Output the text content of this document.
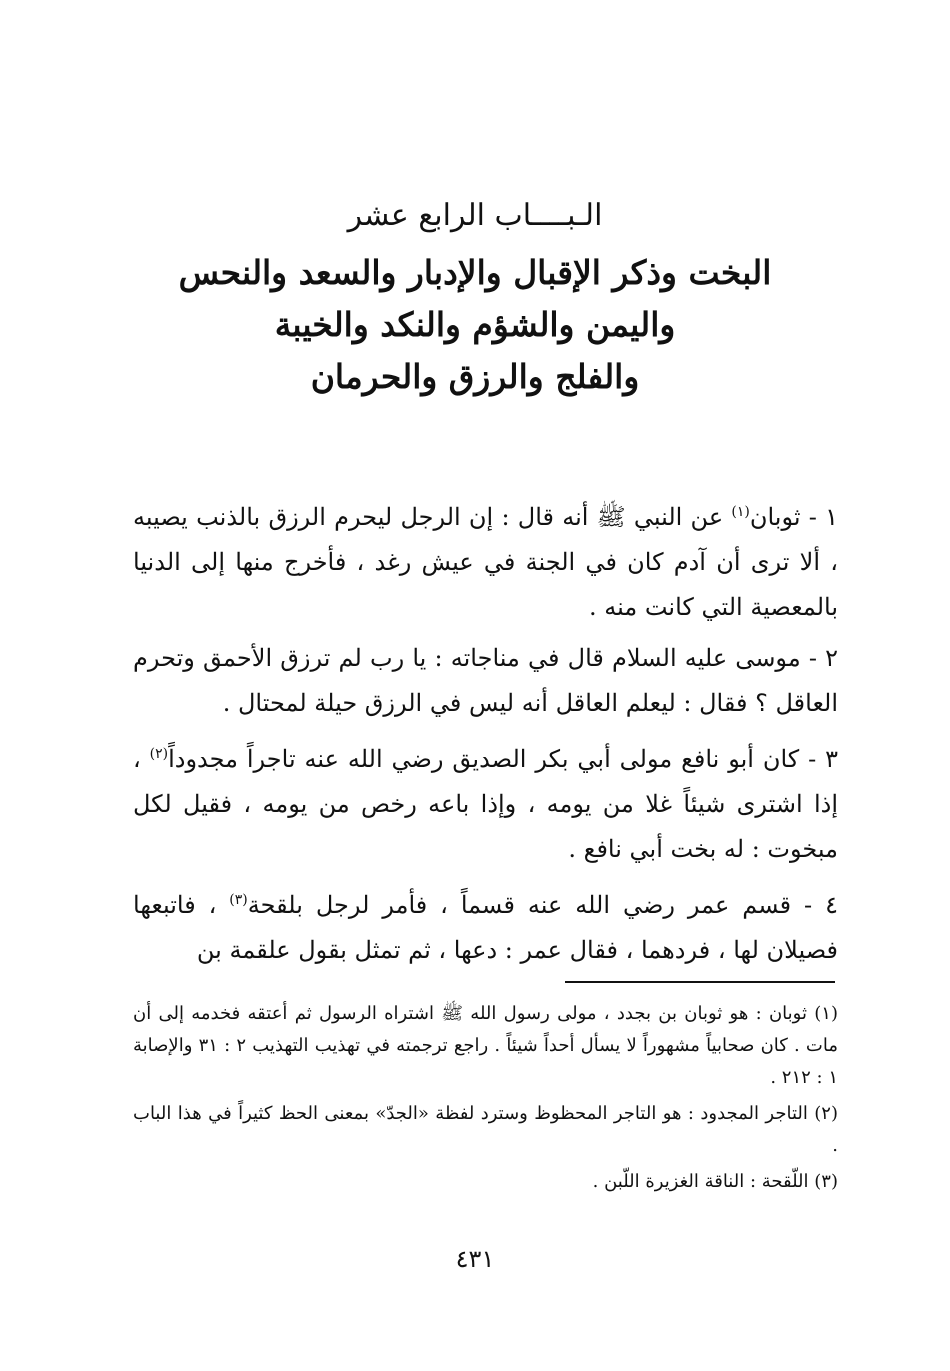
الـبــــاب الرابع عشر
البخت وذكر الإقبال والإدبار والسعد والنحس
واليمن والشؤم والنكد والخيبة
والفلج والرزق والحرمان

١ - ثوبان$^{(١)}$ عن النبي ﷺ أنه قال : إن الرجل ليحرم الرزق بالذنب يصيبه ، ألا ترى أن آدم كان في الجنة في عيش رغد ، فأخرج منها إلى الدنيا بالمعصية التي كانت منه .

٢ - موسى عليه السلام قال في مناجاته : يا رب لم ترزق الأحمق وتحرم العاقل ؟ فقال : ليعلم العاقل أنه ليس في الرزق حيلة لمحتال .

٣ - كان أبو نافع مولى أبي بكر الصديق رضي الله عنه تاجراً مجدوداً$^{(٢)}$ ، إذا اشترى شيئاً غلا من يومه ، وإذا باعه رخص من يومه ، فقيل لكل مبخوت : له بخت أبي نافع .

٤ - قسم عمر رضي الله عنه قسماً ، فأمر لرجل بلقحة$^{(٣)}$ ، فاتبعها فصيلان لها ، فردهما ، فقال عمر : دعها ، ثم تمثل بقول علقمة بن

(١) ثوبان : هو ثوبان بن بجدد ، مولى رسول الله ﷺ اشتراه الرسول ثم أعتقه فخدمه إلى أن مات . كان صحابياً مشهوراً لا يسأل أحداً شيئاً . راجع ترجمته في تهذيب التهذيب ٢ : ٣١ والإصابة ١ : ٢١٢ .

(٢) التاجر المجدود : هو التاجر المحظوظ وسترد لفظة «الجدّ» بمعنى الحظ كثيراً في هذا الباب .

(٣) اللّقحة : الناقة الغزيرة اللّبن .

٤٣١
